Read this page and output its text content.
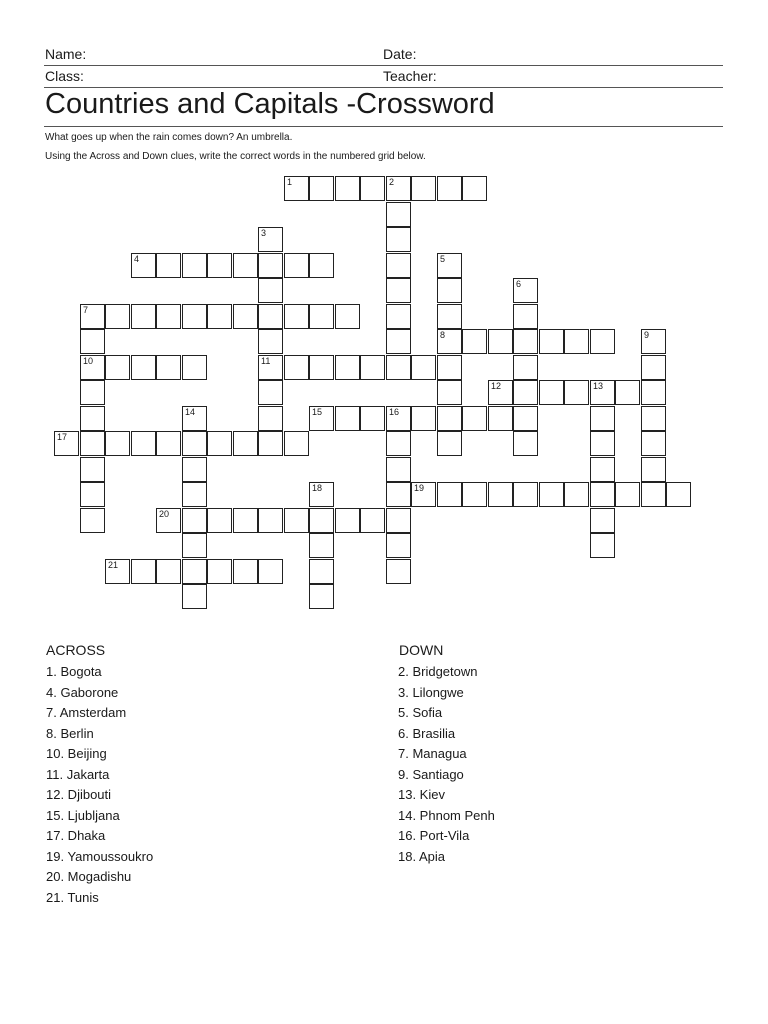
Name:	Date:
Class:	Teacher:
Countries and Capitals -Crossword
What goes up when the rain comes down? An umbrella.
Using the Across and Down clues, write the correct words in the numbered grid below.
1	2
3
11
4	5
8
6
7
10
9
12	13
14	15	16
17
18	19
20
21
ACROSS
1. Bogota
4. Gaborone
7. Amsterdam
8. Berlin
10. Beijing
11. Jakarta
12. Djibouti
15. Ljubljana
17. Dhaka
19. Yamoussoukro
20. Mogadishu
21. Tunis
DOWN
2. Bridgetown
3. Lilongwe
5. Sofia
6. Brasilia
7. Managua
9. Santiago
13. Kiev
14. Phnom Penh
16. Port-Vila
18. Apia
